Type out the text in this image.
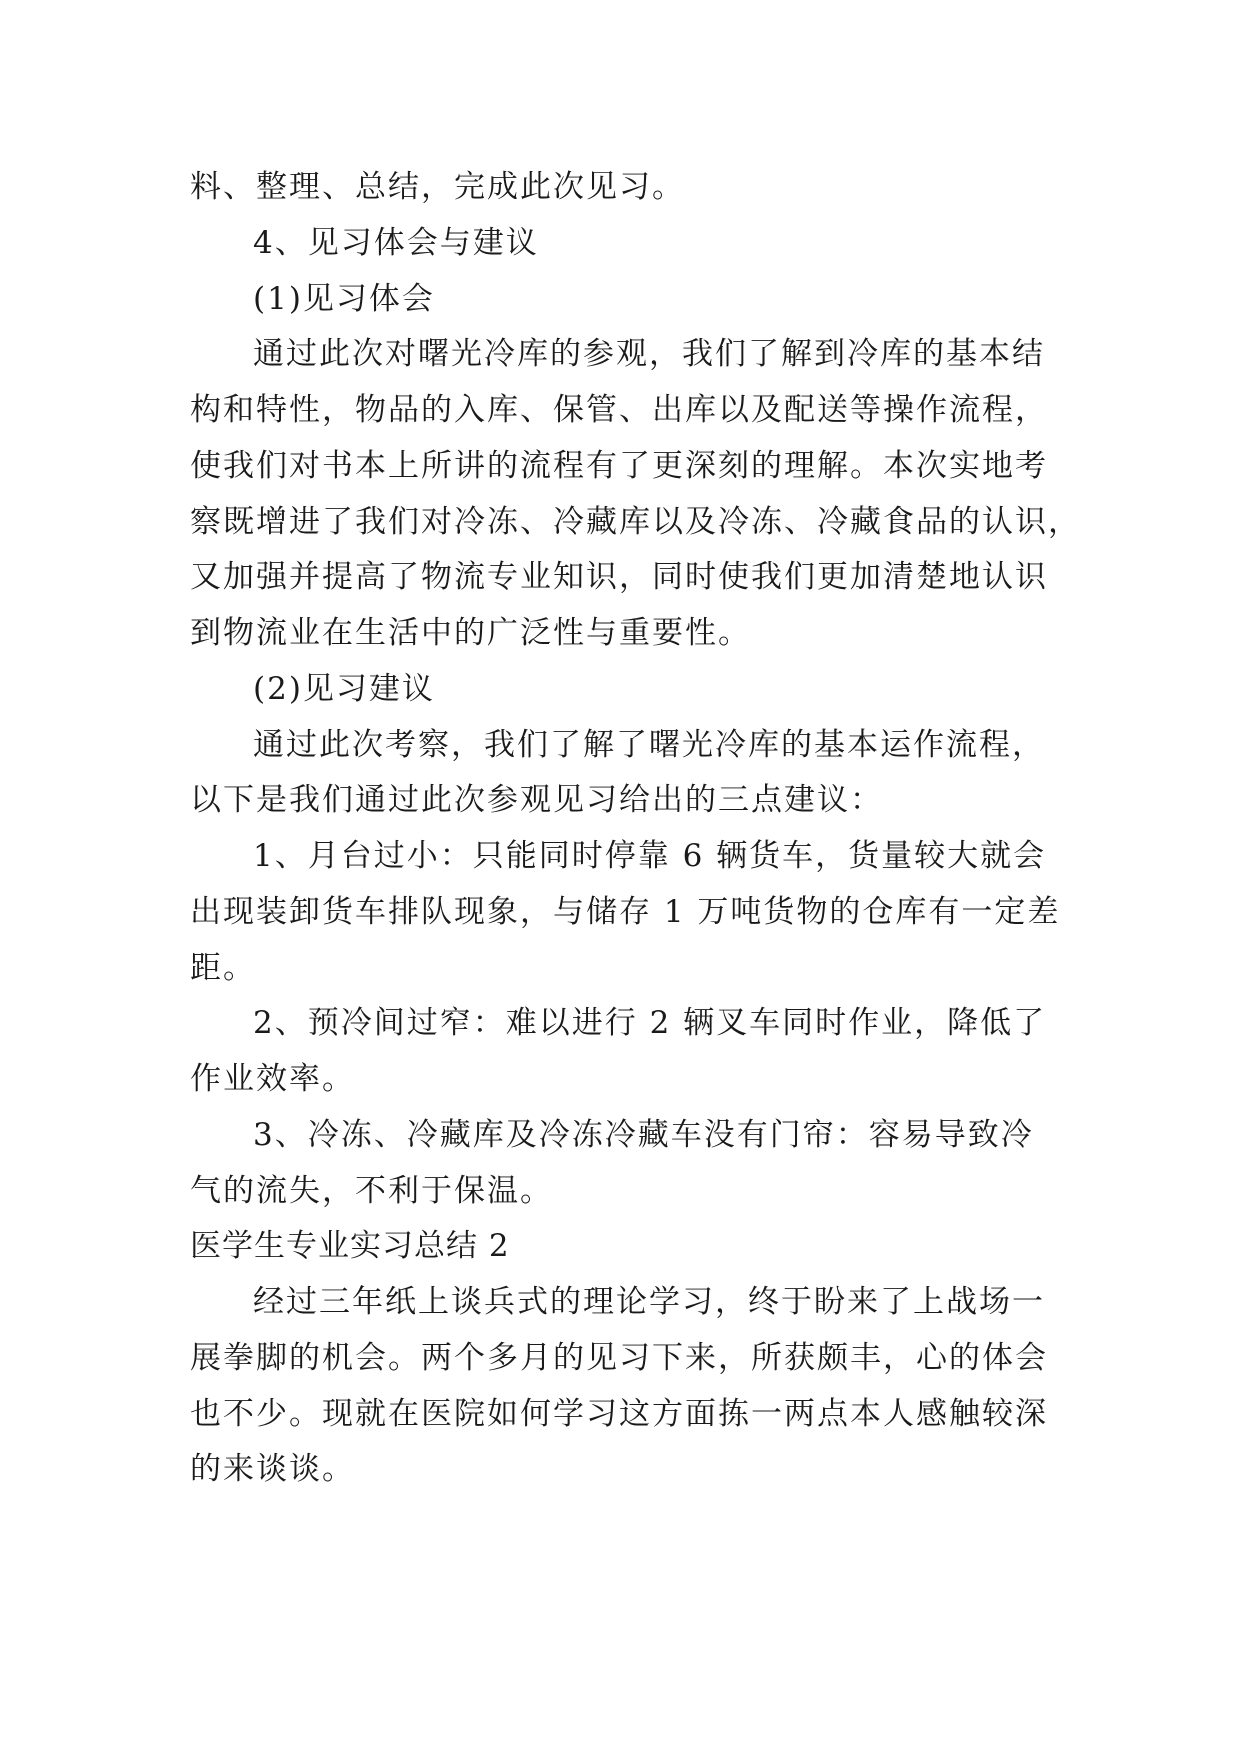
料、整理、总结，完成此次见习。
4、见习体会与建议
(1)见习体会
通过此次对曙光冷库的参观，我们了解到冷库的基本结
构和特性，物品的入库、保管、出库以及配送等操作流程，
使我们对书本上所讲的流程有了更深刻的理解。本次实地考
察既增进了我们对冷冻、冷藏库以及冷冻、冷藏食品的认识，
又加强并提高了物流专业知识，同时使我们更加清楚地认识
到物流业在生活中的广泛性与重要性。
(2)见习建议
通过此次考察，我们了解了曙光冷库的基本运作流程，
以下是我们通过此次参观见习给出的三点建议：
1、月台过小：只能同时停靠 6 辆货车，货量较大就会
出现装卸货车排队现象，与储存 1 万吨货物的仓库有一定差
距。
2、预冷间过窄：难以进行 2 辆叉车同时作业，降低了
作业效率。
3、冷冻、冷藏库及冷冻冷藏车没有门帘：容易导致冷
气的流失，不利于保温。
医学生专业实习总结 2
经过三年纸上谈兵式的理论学习，终于盼来了上战场一
展拳脚的机会。两个多月的见习下来，所获颇丰，心的体会
也不少。现就在医院如何学习这方面拣一两点本人感触较深
的来谈谈。
